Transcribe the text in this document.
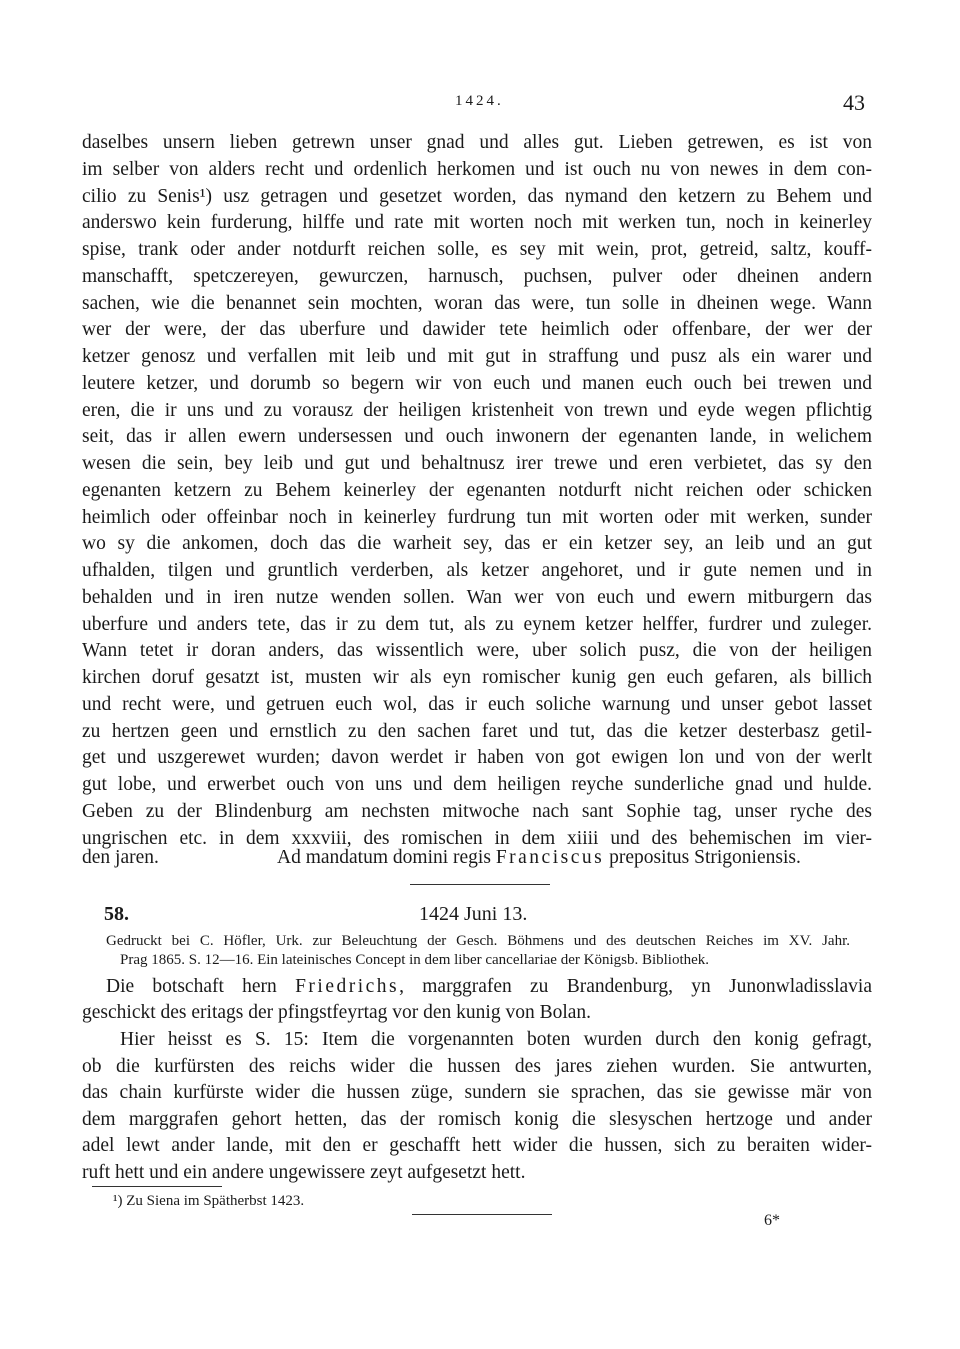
1424.	43
daselbes unsern lieben getrewn unser gnad und alles gut. Lieben getrewen, es ist von
im selber von alders recht und ordenlich herkomen und ist ouch nu von newes in dem con-
cilio zu Senis¹) usz getragen und gesetzet worden, das nymand den ketzern zu Behem und
anderswo kein furderung, hilffe und rate mit worten noch mit werken tun, noch in keinerley
spise, trank oder ander notdurft reichen solle, es sey mit wein, prot, getreid, saltz, kouff-
manschafft, spetczereyen, gewurczen, harnusch, puchsen, pulver oder dheinen andern
sachen, wie die benannet sein mochten, woran das were, tun solle in dheinen wege. Wann
wer der were, der das uberfure und dawider tete heimlich oder offenbare, der wer der
ketzer genosz und verfallen mit leib und mit gut in straffung und pusz als ein warer und
leutere ketzer, und dorumb so begern wir von euch und manen euch ouch bei trewen und
eren, die ir uns und zu vorausz der heiligen kristenheit von trewn und eyde wegen pflichtig
seit, das ir allen ewern undersessen und ouch inwonern der egenanten lande, in welichem
wesen die sein, bey leib und gut und behaltnusz irer trewe und eren verbietet, das sy den
egenanten ketzern zu Behem keinerley der egenanten notdurft nicht reichen oder schicken
heimlich oder offeinbar noch in keinerley furdrung tun mit worten oder mit werken, sunder
wo sy die ankomen, doch das die warheit sey, das er ein ketzer sey, an leib und an gut
ufhalden, tilgen und gruntlich verderben, als ketzer angehoret, und ir gute nemen und in
behalden und in iren nutze wenden sollen. Wan wer von euch und ewern mitburgern das
uberfure und anders tete, das ir zu dem tut, als zu eynem ketzer helffer, furdrer und zuleger.
Wann tetet ir doran anders, das wissentlich were, uber solich pusz, die von der heiligen
kirchen doruf gesatzt ist, musten wir als eyn romischer kunig gen euch gefaren, als billich
und recht were, und getruen euch wol, das ir euch soliche warnung und unser gebot lasset
zu hertzen geen und ernstlich zu den sachen faret und tut, das die ketzer desterbasz getil-
get und uszgerewet wurden; davon werdet ir haben von got ewigen lon und von der werlt
gut lobe, und erwerbet ouch von uns und dem heiligen reyche sunderliche gnad und hulde.
Geben zu der Blindenburg am nechsten mitwoche nach sant Sophie tag, unser ryche des
ungrischen etc. in dem xxxviii, des romischen in dem xiiii und des behemischen im vier-
den jaren.	Ad mandatum domini regis Franciscus prepositus Strigoniensis.
58.	1424 Juni 13.
Gedruckt bei C. Höfler, Urk. zur Beleuchtung der Gesch. Böhmens und des deutschen Reiches im XV. Jahr.
Prag 1865. S. 12—16. Ein lateinisches Concept in dem liber cancellariae der Königsb. Bibliothek.
Die botschaft hern Friedrichs, marggrafen zu Brandenburg, yn Junonwladisslavia
geschickt des eritags der pfingstfeyrtag vor den kunig von Bolan.
Hier heisst es S. 15: Item die vorgenannten boten wurden durch den konig gefragt,
ob die kurfürsten des reichs wider die hussen des jares ziehen wurden. Sie antwurten,
das chain kurfürste wider die hussen züge, sundern sie sprachen, das sie gewisse mär von
dem marggrafen gehort hetten, das der romisch konig die slesyschen hertzoge und ander
adel lewt ander lande, mit den er geschafft hett wider die hussen, sich zu beraiten wider-
ruft hett und ein andere ungewissere zeyt aufgesetzt hett.
¹) Zu Siena im Spätherbst 1423.
6*
